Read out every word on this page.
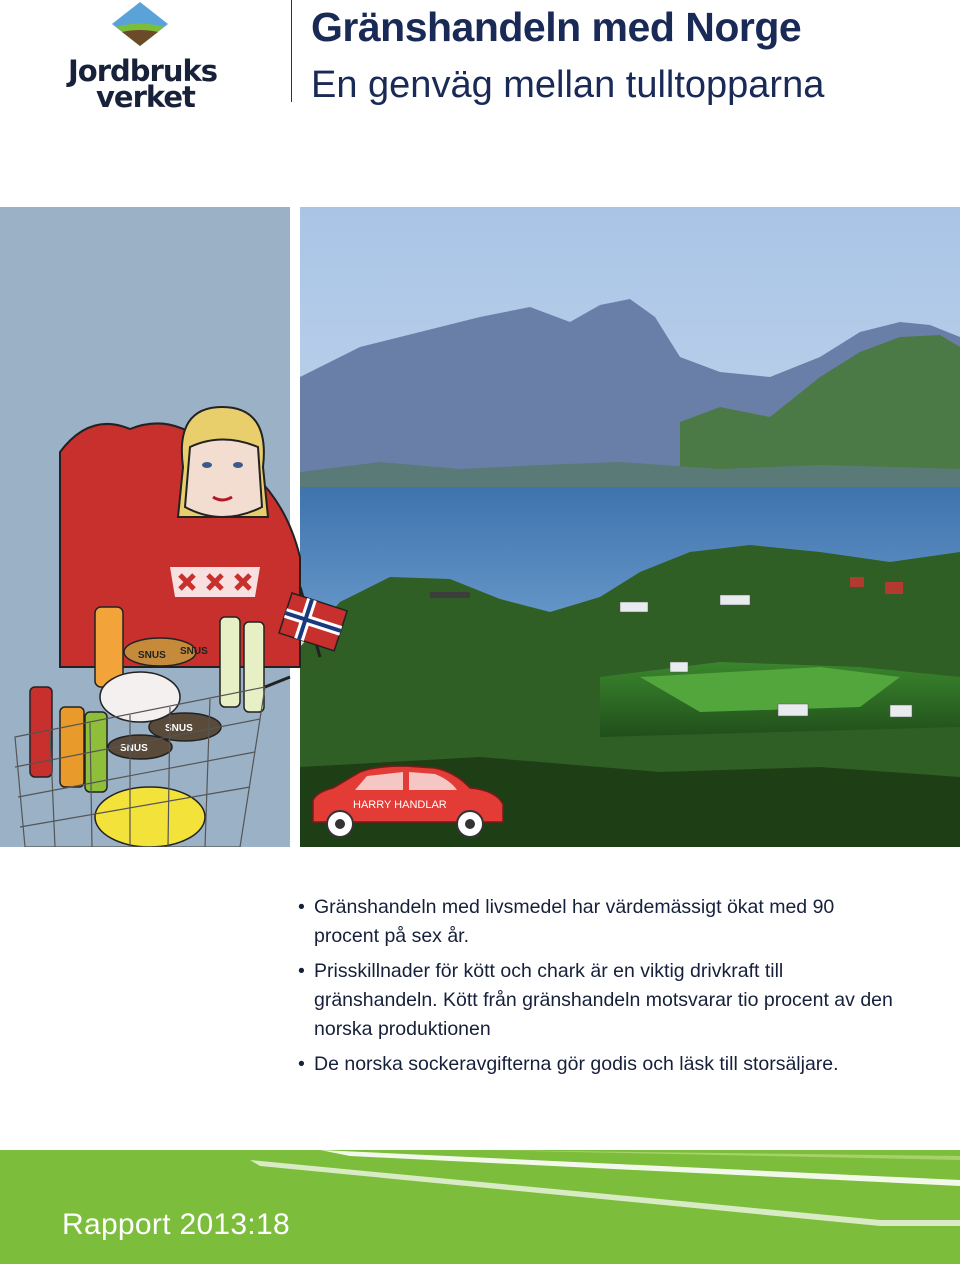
Jordbruks
verket
Gränshandeln med Norge
En genväg mellan tulltopparna
SNUS
SNUS
SNUS
SNUS
HARRY HANDLAR
• Gränshandeln med livsmedel har värdemässigt ökat med 90 procent på sex år.
• Prisskillnader för kött och chark är en viktig drivkraft till gränshandeln. Kött från gränshandeln motsvarar tio procent av den norska produktionen
• De norska sockeravgifterna gör godis och läsk till storsäljare.
Rapport 2013:18
